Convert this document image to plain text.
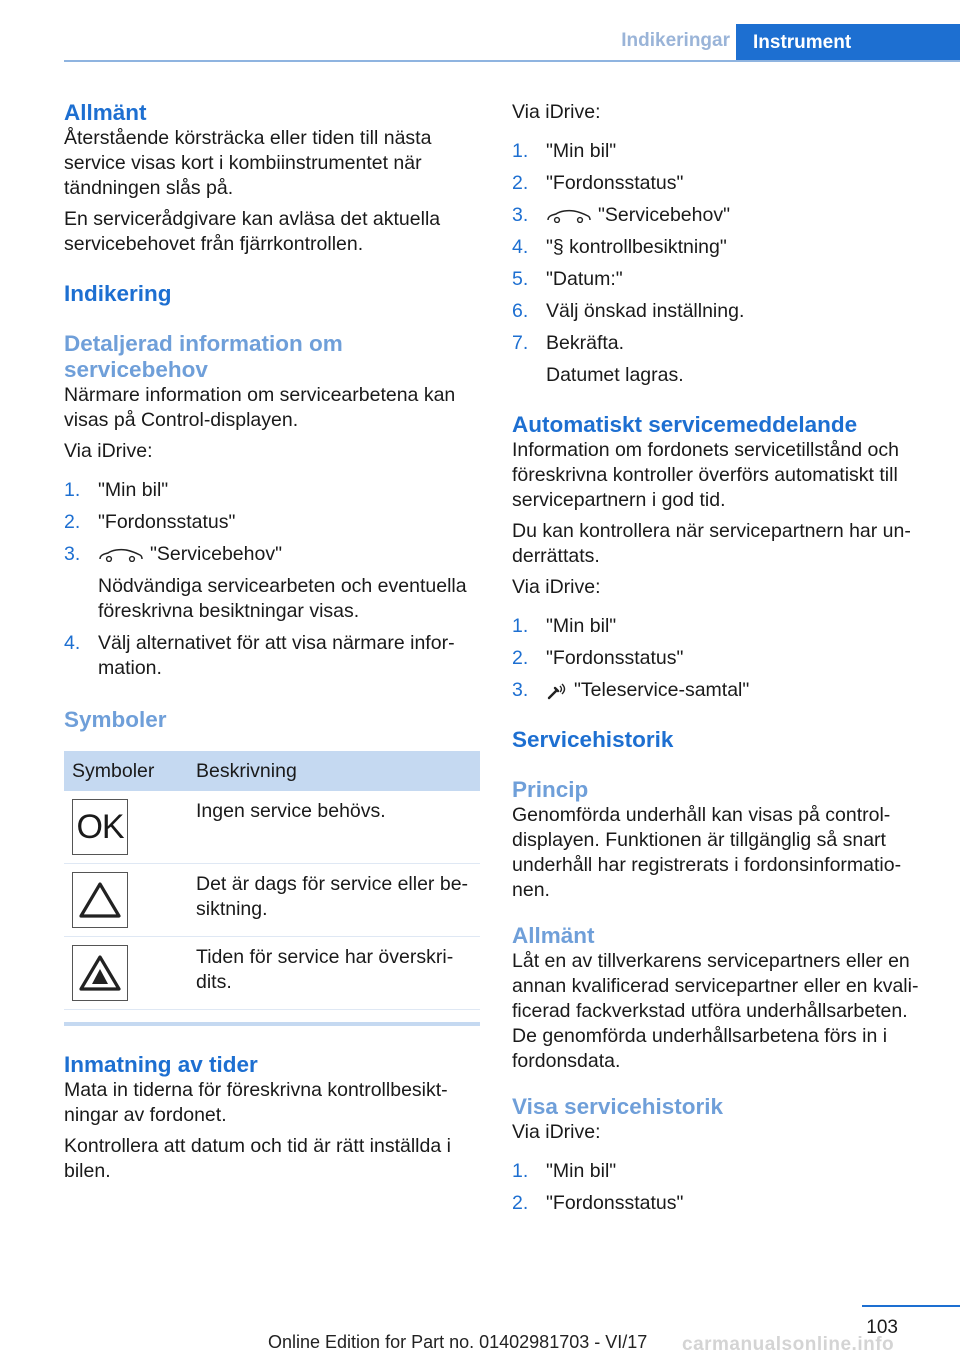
Indikeringar	Instrument
Allmänt

Återstående körsträcka eller tiden till nästa service visas kort i kombiinstrumentet när tändningen slås på.

En servicerådgivare kan avläsa det aktuella servicebehovet från fjärrkontrollen.

Indikering
Detaljerad information om servicebehov

Närmare information om servicearbetena kan visas på Control-displayen.

Via iDrive:

1. "Min bil"
2. "Fordonsstatus"
3.	"Servicebehov"
Nödvändiga servicearbeten och eventuella föreskrivna besiktningar visas.
4. Välj alternativet för att visa närmare information.
Symboler
Symboler	Beskrivning

OK	Ingen service behövs.

	Det är dags för service eller besiktning.

	Tiden för service har överskridits.
Inmatning av tider

Mata in tiderna för föreskrivna kontrollbesiktningar av fordonet.

Kontrollera att datum och tid är rätt inställda i bilen.

Via iDrive:

1. "Min bil"
2. "Fordonsstatus"
3.	"Servicebehov"
4. "§ kontrollbesiktning"
5. "Datum:"
6. Välj önskad inställning.
7. Bekräfta.
Datumet lagras.
Automatiskt servicemeddelande

Information om fordonets servicetillstånd och föreskrivna kontroller överförs automatiskt till servicepartnern i god tid.

Du kan kontrollera när servicepartnern har underrättats.

Via iDrive:

1. "Min bil"
2. "Fordonsstatus"
3. "Teleservice-samtal"
Servicehistorik
Princip

Genomförda underhåll kan visas på control-displayen. Funktionen är tillgänglig så snart underhåll har registrerats i fordonsinformationen.

Allmänt

Låt en av tillverkarens servicepartners eller en annan kvalificerad servicepartner eller en kvalificerad fackverkstad utföra underhållsarbeten. De genomförda underhållsarbetena förs in i fordonsdata.

Visa servicehistorik

Via iDrive:

1. "Min bil"
2. "Fordonsstatus"
103
Online Edition for Part no. 01402981703 - VI/17 carmanualsonline.info
